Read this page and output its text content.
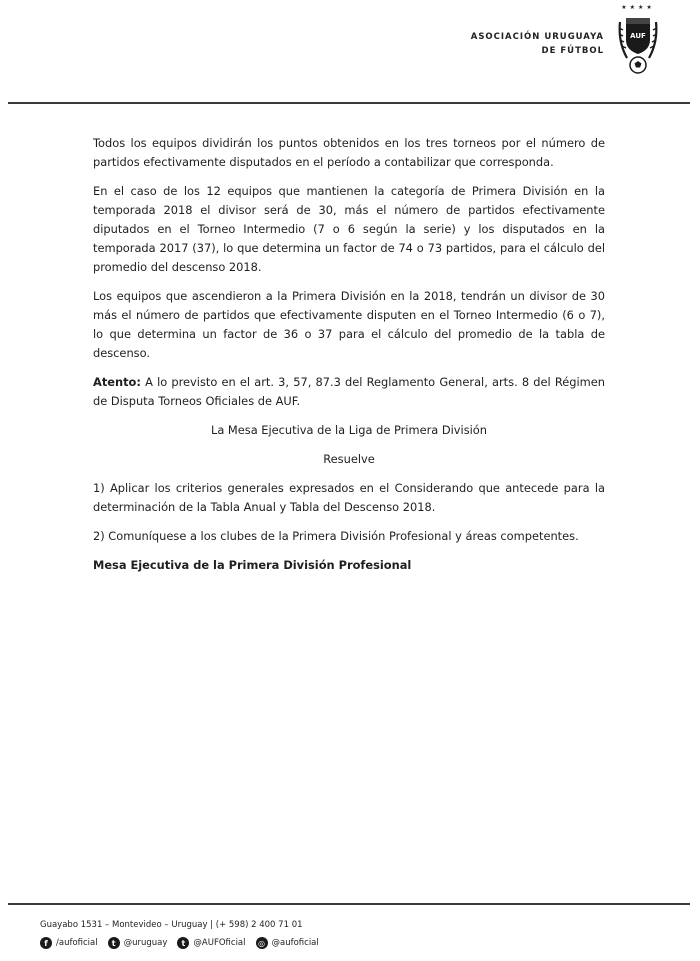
ASOCIACIÓN URUGUAYA
DE FÚTBOL
★★★★
AUF

Todos los equipos dividirán los puntos obtenidos en los tres torneos por el número de partidos efectivamente disputados en el período a contabilizar que corresponda.

En el caso de los 12 equipos que mantienen la categoría de Primera División en la temporada 2018 el divisor será de 30, más el número de partidos efectivamente diputados en el Torneo Intermedio (7 o 6 según la serie) y los disputados en la temporada 2017 (37), lo que determina un factor de 74 o 73 partidos, para el cálculo del promedio del descenso 2018.

Los equipos que ascendieron a la Primera División en la 2018, tendrán un divisor de 30 más el número de partidos que efectivamente disputen en el Torneo Intermedio (6 o 7), lo que determina un factor de 36 o 37 para el cálculo del promedio de la tabla de descenso.

Atento: A lo previsto en el art. 3, 57, 87.3 del Reglamento General, arts. 8 del Régimen de Disputa Torneos Oficiales de AUF.

La Mesa Ejecutiva de la Liga de Primera División

Resuelve

1) Aplicar los criterios generales expresados en el Considerando que antecede para la determinación de la Tabla Anual y Tabla del Descenso 2018.

2) Comuníquese a los clubes de la Primera División Profesional y áreas competentes.

Mesa Ejecutiva de la Primera División Profesional

Guayabo 1531 – Montevideo – Uruguay | (+ 598) 2 400 71 01
f /aufoficial	t @uruguay	t @AUFOficial	◎ @aufoficial
